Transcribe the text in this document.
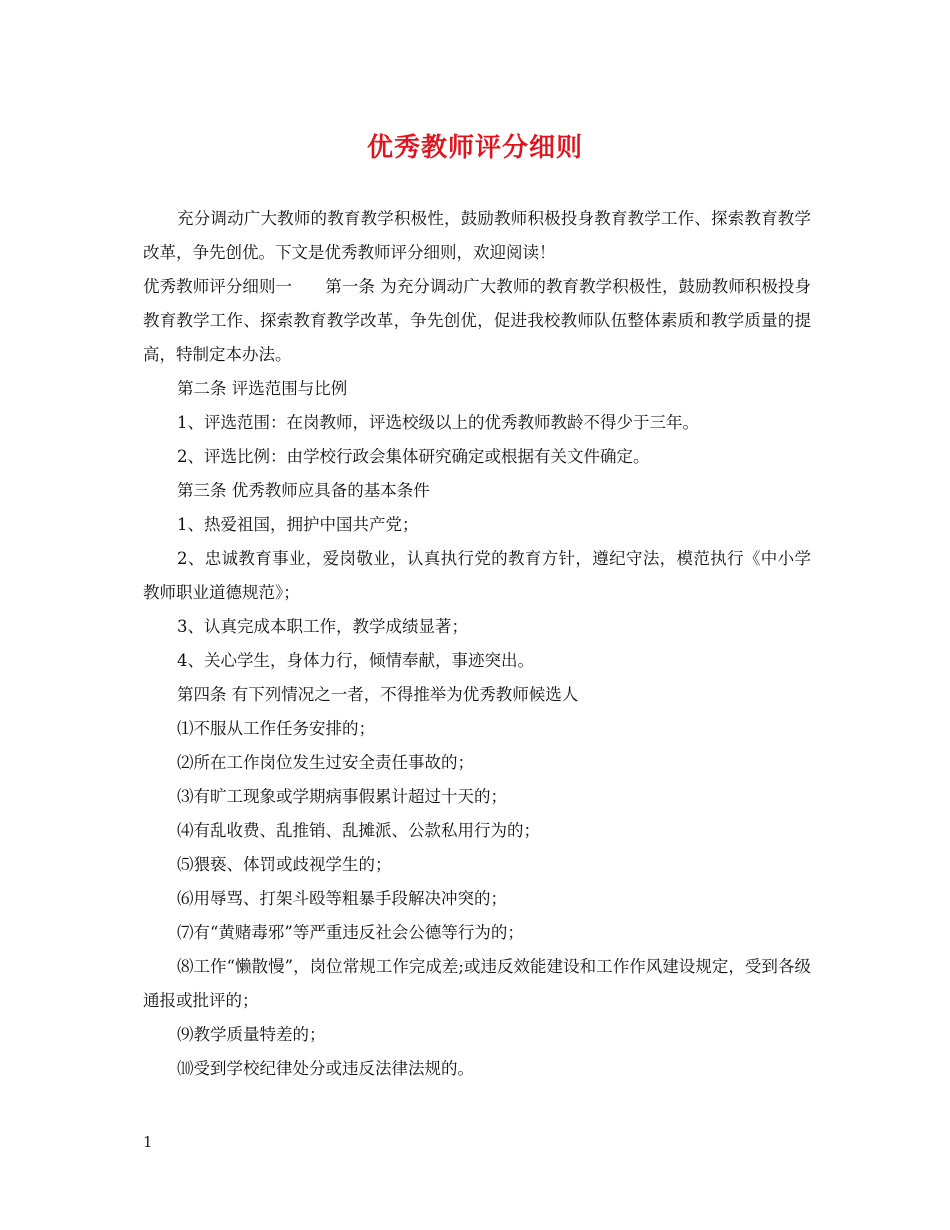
优秀教师评分细则

充分调动广大教师的教育教学积极性，鼓励教师积极投身教育教学工作、探索教育教学改革，争先创优。下文是优秀教师评分细则，欢迎阅读！

优秀教师评分细则一　　第一条 为充分调动广大教师的教育教学积极性，鼓励教师积极投身教育教学工作、探索教育教学改革，争先创优，促进我校教师队伍整体素质和教学质量的提高，特制定本办法。

第二条 评选范围与比例

1、评选范围：在岗教师，评选校级以上的优秀教师教龄不得少于三年。

2、评选比例：由学校行政会集体研究确定或根据有关文件确定。

第三条 优秀教师应具备的基本条件

1、热爱祖国，拥护中国共产党；

2、忠诚教育事业，爱岗敬业，认真执行党的教育方针，遵纪守法，模范执行《中小学教师职业道德规范》；

3、认真完成本职工作，教学成绩显著；

4、关心学生，身体力行，倾情奉献，事迹突出。

第四条 有下列情况之一者，不得推举为优秀教师候选人

⑴不服从工作任务安排的；

⑵所在工作岗位发生过安全责任事故的；

⑶有旷工现象或学期病事假累计超过十天的；

⑷有乱收费、乱推销、乱摊派、公款私用行为的；

⑸猥亵、体罚或歧视学生的；

⑹用辱骂、打架斗殴等粗暴手段解决冲突的；

⑺有“黄赌毒邪”等严重违反社会公德等行为的；

⑻工作“懒散慢”，岗位常规工作完成差;或违反效能建设和工作作风建设规定，受到各级通报或批评的；

⑼教学质量特差的；

⑽受到学校纪律处分或违反法律法规的。

1
